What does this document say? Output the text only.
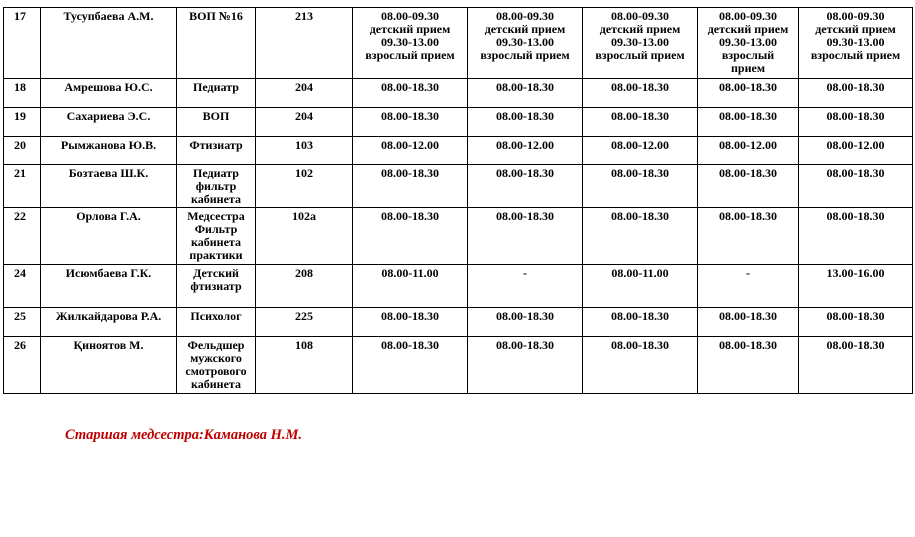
17	Тусупбаева А.М.	ВОП №16	213	08.00-09.30
детский прием
09.30-13.00
взрослый прием	08.00-09.30
детский прием
09.30-13.00
взрослый прием	08.00-09.30
детский прием
09.30-13.00
взрослый прием	08.00-09.30
детский прием
09.30-13.00
взрослый
прием	08.00-09.30
детский прием
09.30-13.00
взрослый прием
18	Амрешова Ю.С.	Педиатр	204	08.00-18.30	08.00-18.30	08.00-18.30	08.00-18.30	08.00-18.30
19	Сахариева Э.С.	ВОП	204	08.00-18.30	08.00-18.30	08.00-18.30	08.00-18.30	08.00-18.30
20	Рымжанова Ю.В.	Фтизиатр	103	08.00-12.00	08.00-12.00	08.00-12.00	08.00-12.00	08.00-12.00
21	Бозтаева Ш.К.	Педиатр
фильтр
кабинета	102	08.00-18.30	08.00-18.30	08.00-18.30	08.00-18.30	08.00-18.30
22	Орлова Г.А.	Медсестра
Фильтр
кабинета
практики	102а	08.00-18.30	08.00-18.30	08.00-18.30	08.00-18.30	08.00-18.30
24	Исюмбаева Г.К.	Детский
фтизиатр	208	08.00-11.00	-	08.00-11.00	-	13.00-16.00
25	Жилкайдарова Р.А.	Психолог	225	08.00-18.30	08.00-18.30	08.00-18.30	08.00-18.30	08.00-18.30
26	Қиноятов М.	Фельдшер
мужского
смотрового
кабинета	108	08.00-18.30	08.00-18.30	08.00-18.30	08.00-18.30	08.00-18.30
Старшая медсестра:Каманова Н.М.
